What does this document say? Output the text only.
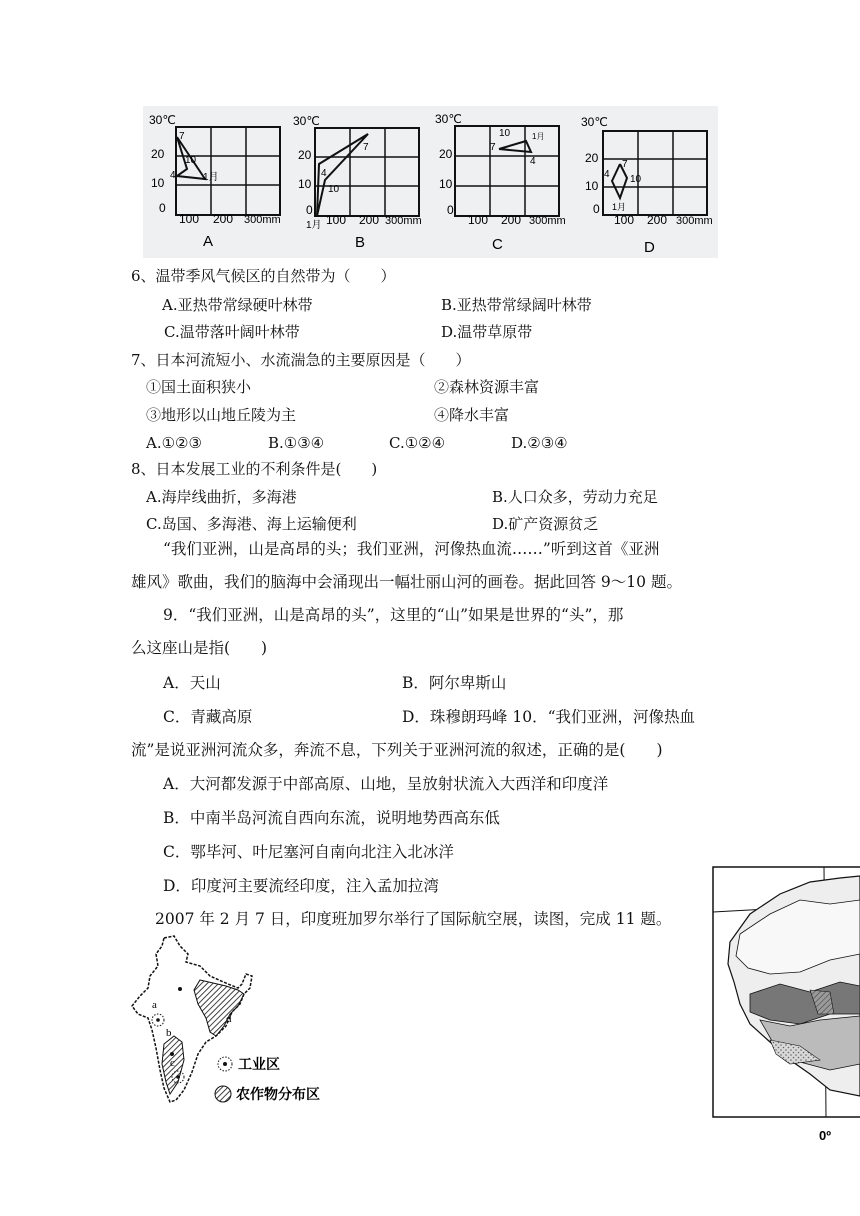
30℃
20
10
0
100 200 300mm
7
10
4	1月
A
30℃
20
10
0
100 200 300mm
4
10
7
1月
B
30℃
20
10
0
100 200 300mm
10
7
1月
4
C
30℃
20
10
0
100 200 300mm
7
4 10
1月
D
6、温带季风气候区的自然带为（　　）
A.亚热带常绿硬叶林带	B.亚热带常绿阔叶林带
C.温带落叶阔叶林带	D.温带草原带
7、日本河流短小、水流湍急的主要原因是（　　）
①国土面积狭小	②森林资源丰富
③地形以山地丘陵为主	④降水丰富
A.①②③	B.①③④	C.①②④	D.②③④
8、日本发展工业的不利条件是(　　)
A.海岸线曲折，多海港	B.人口众多，劳动力充足
C.岛国、多海港、海上运输便利	D.矿产资源贫乏
“我们亚洲，山是高昂的头；我们亚洲，河像热血流……”听到这首《亚洲
雄风》歌曲，我们的脑海中会涌现出一幅壮丽山河的画卷。据此回答 9～10 题。
9．“我们亚洲，山是高昂的头”，这里的“山”如果是世界的“头”，那
么这座山是指(　　)
A．天山	B．阿尔卑斯山
C．青藏高原	D．珠穆朗玛峰 10．“我们亚洲，河像热血
流”是说亚洲河流众多，奔流不息，下列关于亚洲河流的叙述，正确的是(　　)
A．大河都发源于中部高原、山地，呈放射状流入大西洋和印度洋
B．中南半岛河流自西向东流，说明地势西高东低
C．鄂毕河、叶尼塞河自南向北注入北冰洋
D．印度河主要流经印度，注入孟加拉湾
2007 年 2 月 7 日，印度班加罗尔举行了国际航空展，读图，完成 11 题。
a
b
c
d
工业区
农作物分布区
0º
